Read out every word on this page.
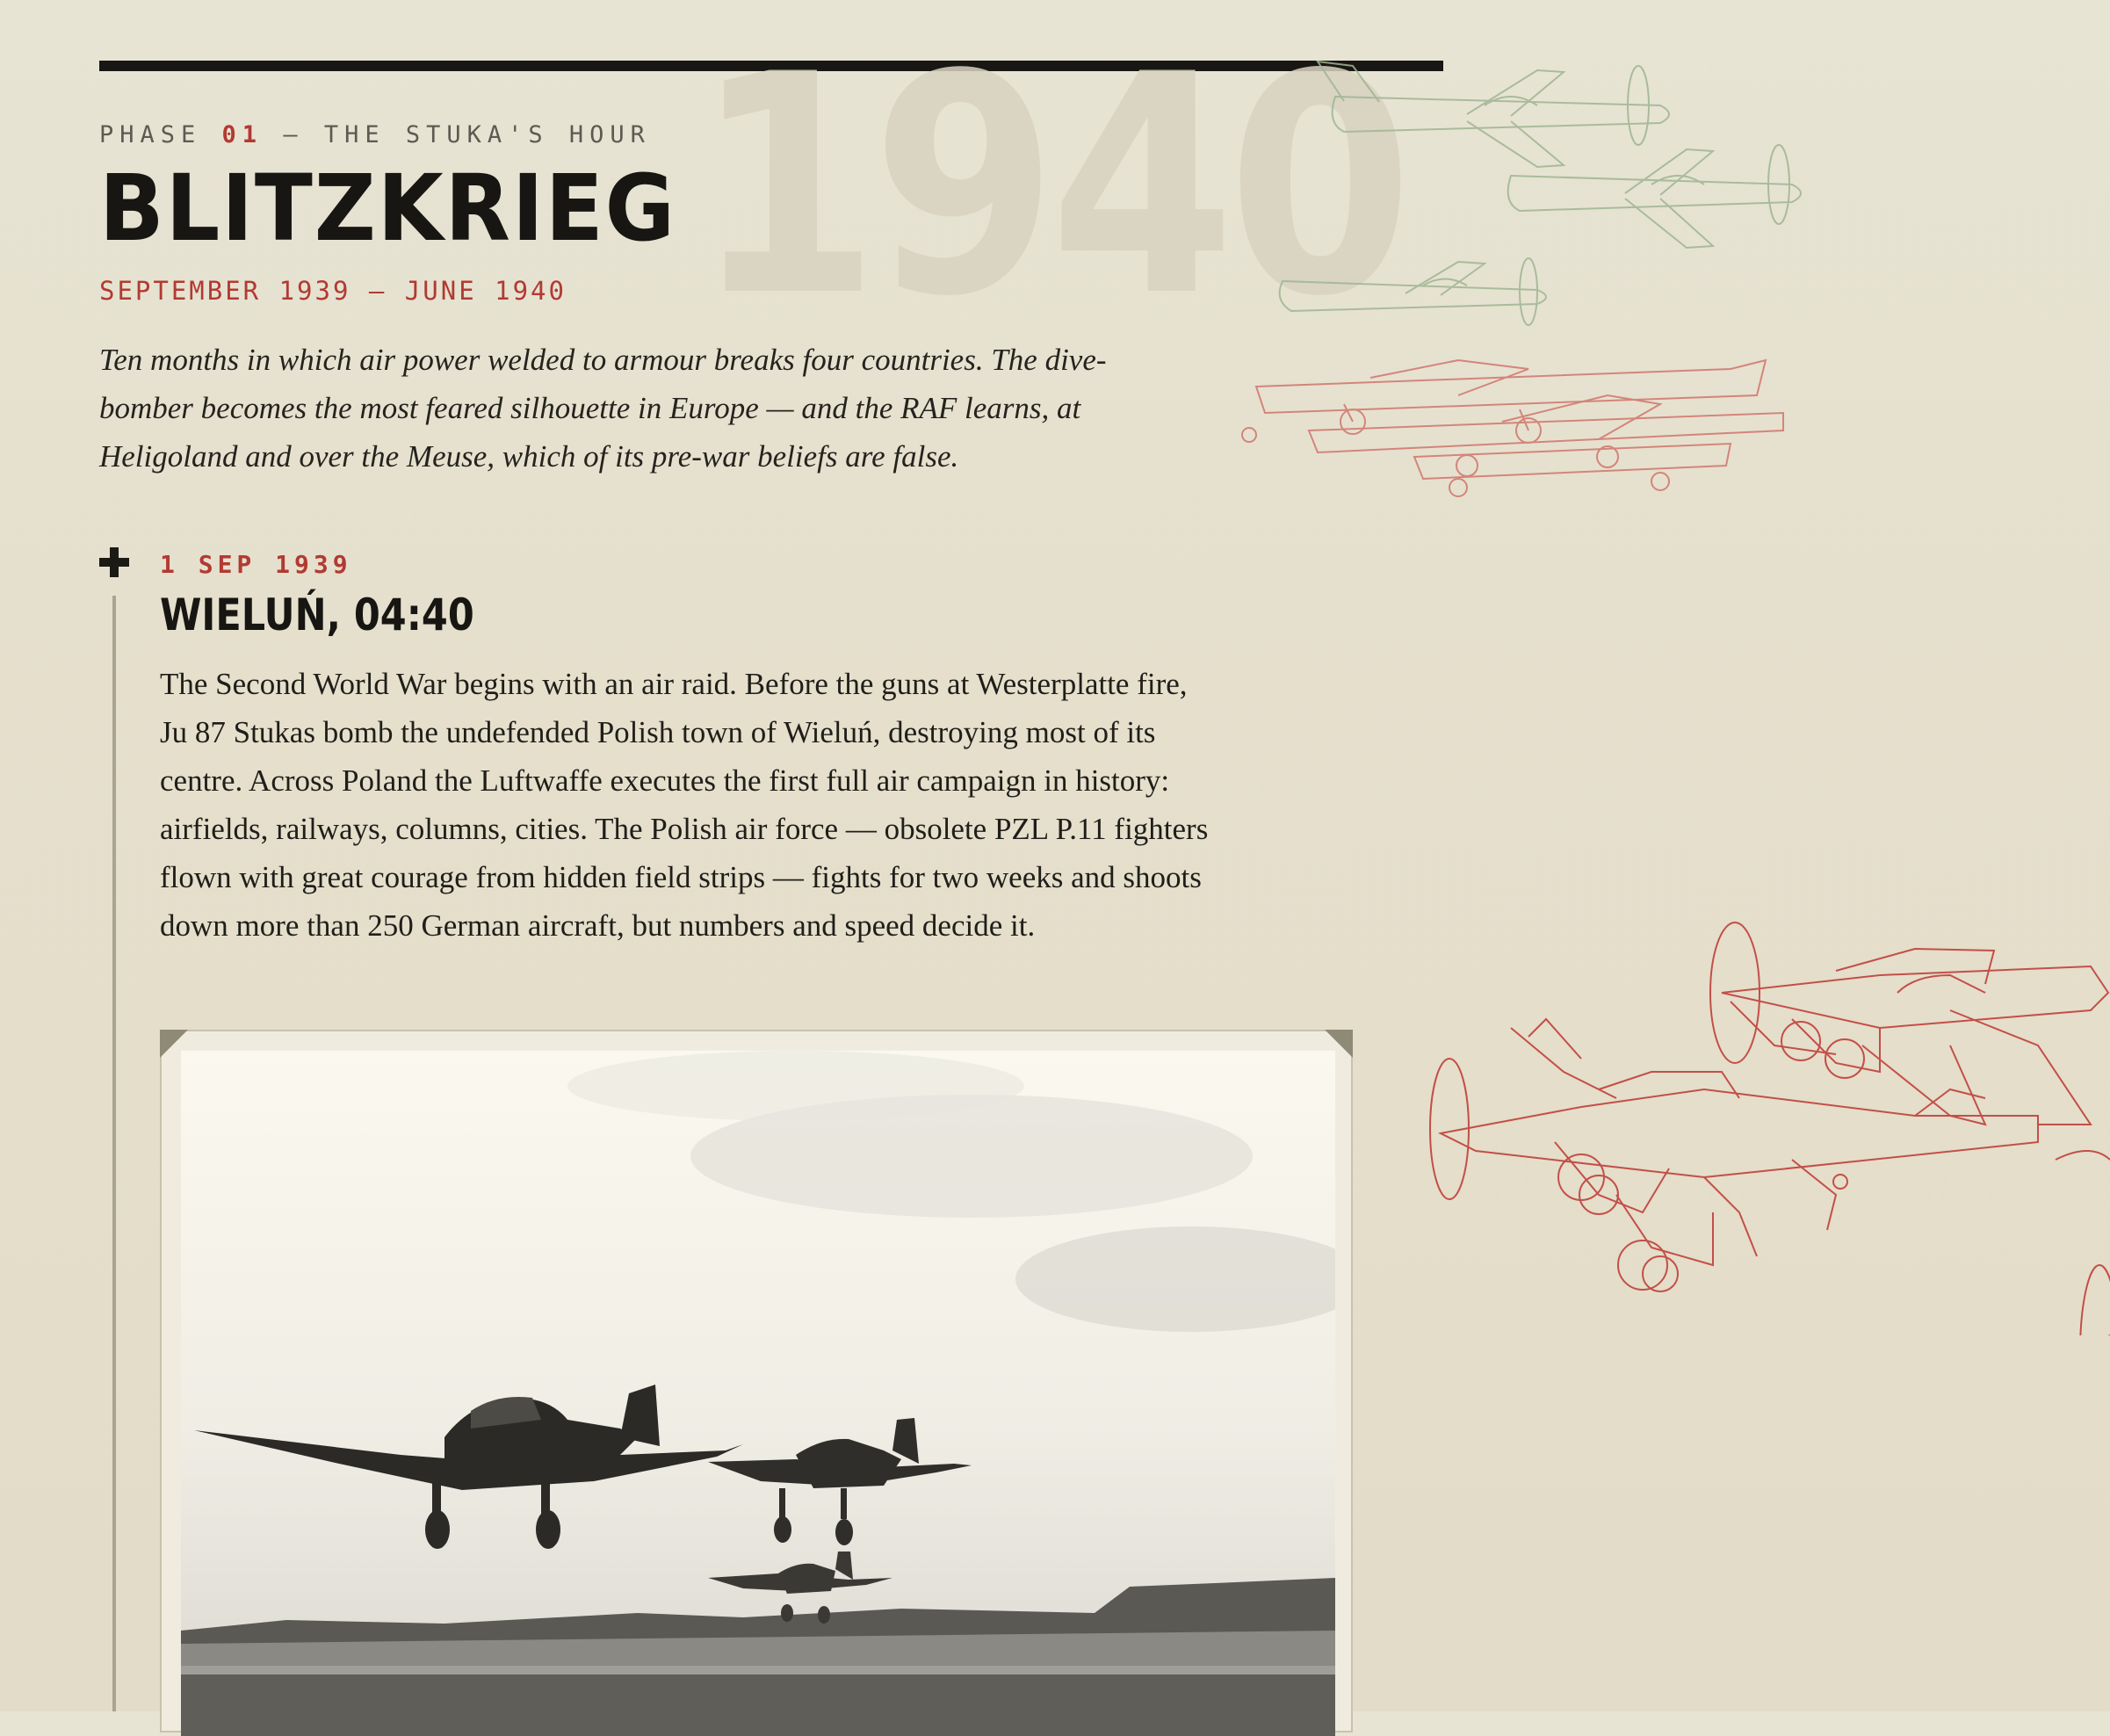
1940
PHASE 01 — THE STUKA'S HOUR
BLITZKRIEG
SEPTEMBER 1939 – JUNE 1940

Ten months in which air power welded to armour breaks four countries. The dive-bomber becomes the most feared silhouette in Europe — and the RAF learns, at Heligoland and over the Meuse, which of its pre-war beliefs are false.

1 SEP 1939
WIELUŃ, 04:40

The Second World War begins with an air raid. Before the guns at Westerplatte fire, Ju 87 Stukas bomb the undefended Polish town of Wieluń, destroying most of its centre. Across Poland the Luftwaffe executes the first full air campaign in history: airfields, railways, columns, cities. The Polish air force — obsolete PZL P.11 fighters flown with great courage from hidden field strips — fights for two weeks and shoots down more than 250 German aircraft, but numbers and speed decide it.
